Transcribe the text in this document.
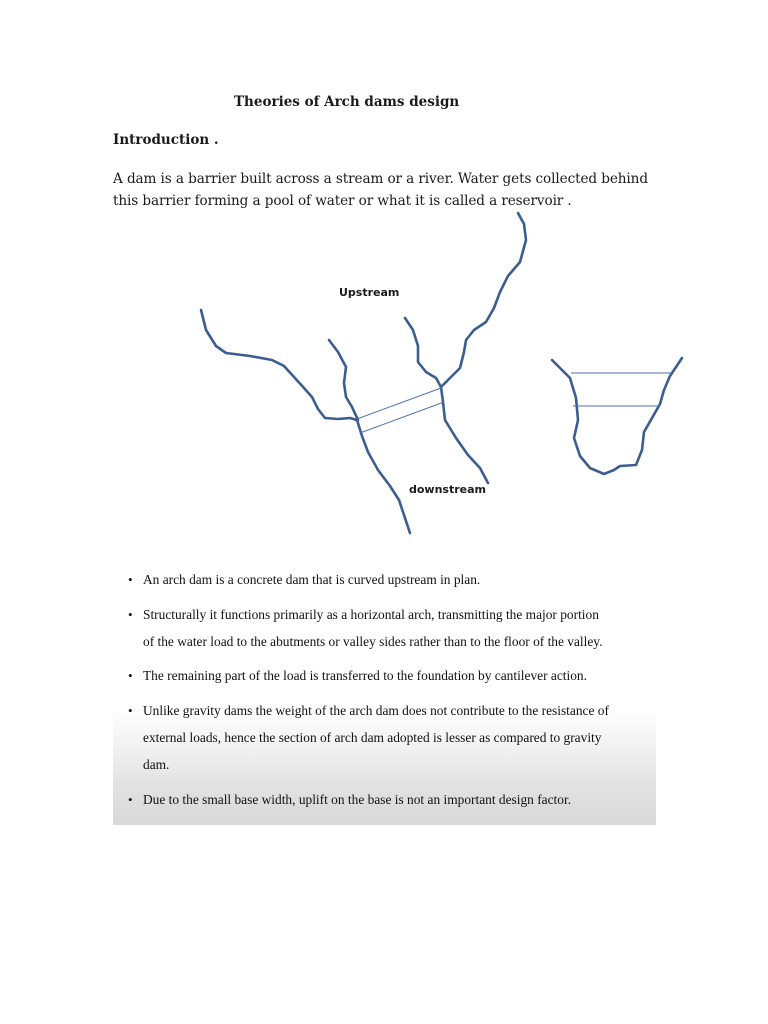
Theories of Arch dams design
Introduction .
A dam is a barrier built across a stream or a river. Water gets collected behind
this barrier forming a pool of water or what it is called a reservoir .
Upstream
downstream
• An arch dam is a concrete dam that is curved upstream in plan.
• Structurally it functions primarily as a horizontal arch, transmitting the major portion
of the water load to the abutments or valley sides rather than to the floor of the valley.
• The remaining part of the load is transferred to the foundation by cantilever action.
• Unlike gravity dams the weight of the arch dam does not contribute to the resistance of
external loads, hence the section of arch dam adopted is lesser as compared to gravity
dam.
• Due to the small base width, uplift on the base is not an important design factor.
